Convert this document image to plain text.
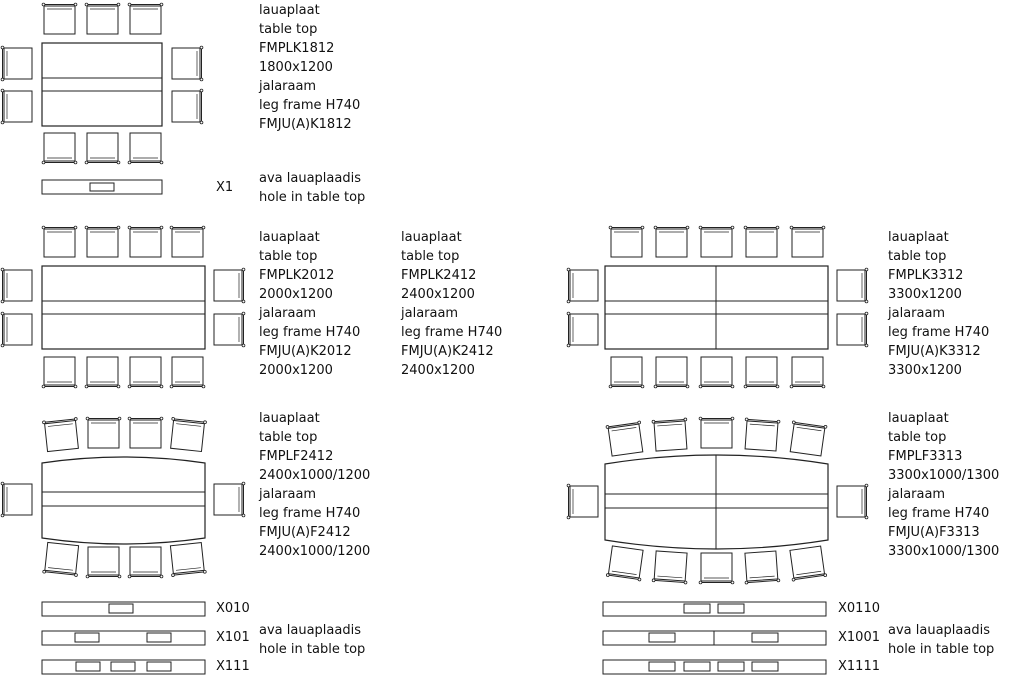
lauaplaat
table top
FMPLK1812
1800x1200
jalaraam
leg frame H740
FMJU(A)K1812
ava lauaplaadis
hole in table top
lauaplaat
table top
FMPLK2012
2000x1200
jalaraam
leg frame H740
FMJU(A)K2012
2000x1200
lauaplaat
table top
FMPLK2412
2400x1200
jalaraam
leg frame H740
FMJU(A)K2412
2400x1200
lauaplaat
table top
FMPLK3312
3300x1200
jalaraam
leg frame H740
FMJU(A)K3312
3300x1200
lauaplaat
table top
FMPLF2412
2400x1000/1200
jalaraam
leg frame H740
FMJU(A)F2412
2400x1000/1200
lauaplaat
table top
FMPLF3313
3300x1000/1300
jalaraam
leg frame H740
FMJU(A)F3313
3300x1000/1300
ava lauaplaadis
hole in table top
ava lauaplaadis
hole in table top
X1
X010
X101
X111
X0110
X1001
X1111
